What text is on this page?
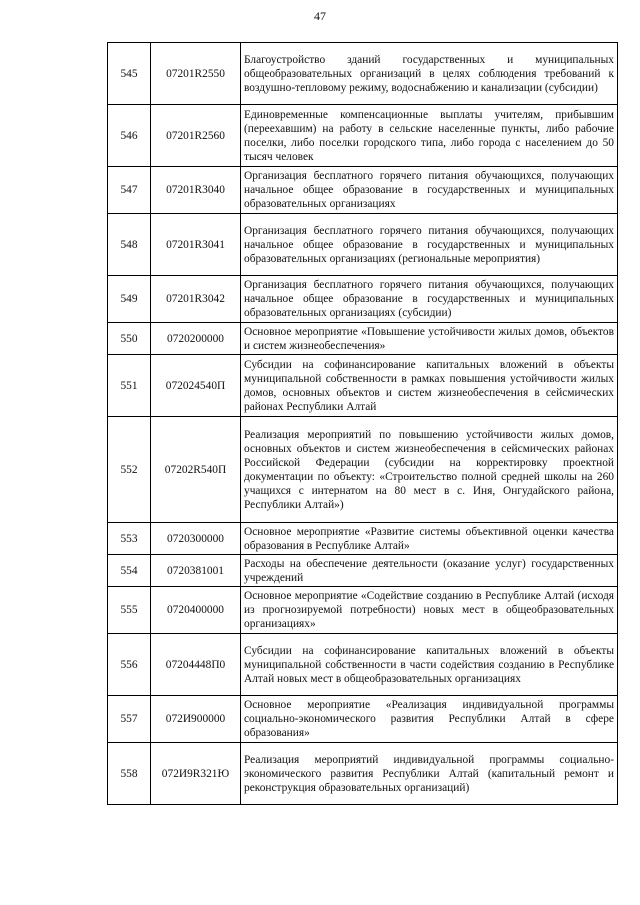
47
545	07201R2550	Благоустройство зданий государственных и муниципальных общеобразовательных организаций в целях соблюдения требований к воздушно-тепловому режиму, водоснабжению и канализации (субсидии)
546	07201R2560	Единовременные компенсационные выплаты учителям, прибывшим (переехавшим) на работу в сельские населенные пункты, либо рабочие поселки, либо поселки городского типа, либо города с населением до 50 тысяч человек
547	07201R3040	Организация бесплатного горячего питания обучающихся, получающих начальное общее образование в государственных и муниципальных образовательных организациях
548	07201R3041	Организация бесплатного горячего питания обучающихся, получающих начальное общее образование в государственных и муниципальных образовательных организациях (региональные мероприятия)
549	07201R3042	Организация бесплатного горячего питания обучающихся, получающих начальное общее образование в государственных и муниципальных образовательных организациях (субсидии)
550	0720200000	Основное мероприятие «Повышение устойчивости жилых домов, объектов и систем жизнеобеспечения»
551	072024540П	Субсидии на софинансирование капитальных вложений в объекты муниципальной собственности в рамках повышения устойчивости жилых домов, основных объектов и систем жизнеобеспечения в сейсмических районах Республики Алтай
552	07202R540П	Реализация мероприятий по повышению устойчивости жилых домов, основных объектов и систем жизнеобеспечения в сейсмических районах Российской Федерации (субсидии на корректировку проектной документации по объекту: «Строительство полной средней школы на 260 учащихся с интернатом на 80 мест в с. Иня, Онгудайского района, Республики Алтай»)
553	0720300000	Основное мероприятие «Развитие системы объективной оценки качества образования в Республике Алтай»
554	0720381001	Расходы на обеспечение деятельности (оказание услуг) государственных учреждений
555	0720400000	Основное мероприятие «Содействие созданию в Республике Алтай (исходя из прогнозируемой потребности) новых мест в общеобразовательных организациях»
556	07204448П0	Субсидии на софинансирование капитальных вложений в объекты муниципальной собственности в части содействия созданию в Республике Алтай новых мест в общеобразовательных организациях
557	072И900000	Основное мероприятие «Реализация индивидуальной программы социально-экономического развития Республики Алтай в сфере образования»
558	072И9R321Ю	Реализация мероприятий индивидуальной программы социально-экономического развития Республики Алтай (капитальный ремонт и реконструкция образовательных организаций)
